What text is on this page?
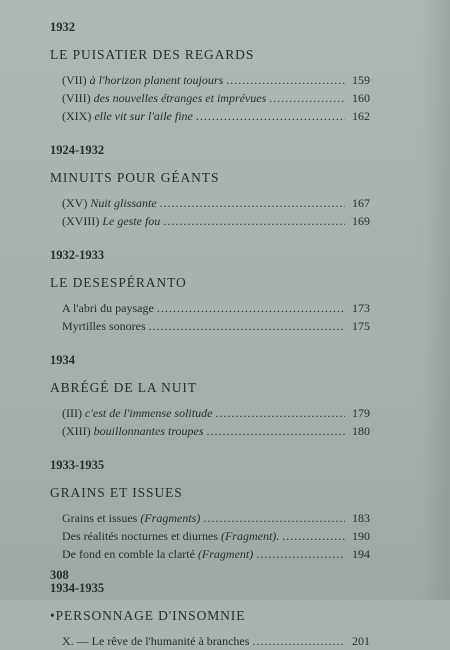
1932
LE PUISATIER DES REGARDS
(VII) à l'horizon planent toujours .....	159
(VIII) des nouvelles étranges et imprévues .....	160
(XIX) elle vit sur l'aile fine .....	162
1924-1932
MINUITS POUR GÉANTS
(XV) Nuit glissante .....	167
(XVIII) Le geste fou .....	169
1932-1933
LE DESESPÉRANTO
A l'abri du paysage .....	173
Myrtilles sonores .....	175
1934
ABRÉGÉ DE LA NUIT
(III) c'est de l'immense solitude .....	179
(XIII) bouillonnantes troupes .....	180
1933-1935
GRAINS ET ISSUES
Grains et issues (Fragments) .....	183
Des réalités nocturnes et diurnes (Fragment). .....	190
De fond en comble la clarté (Fragment) .....	194
1934-1935
•PERSONNAGE D'INSOMNIE
X. — Le rêve de l'humanité à branches .....	201
308
